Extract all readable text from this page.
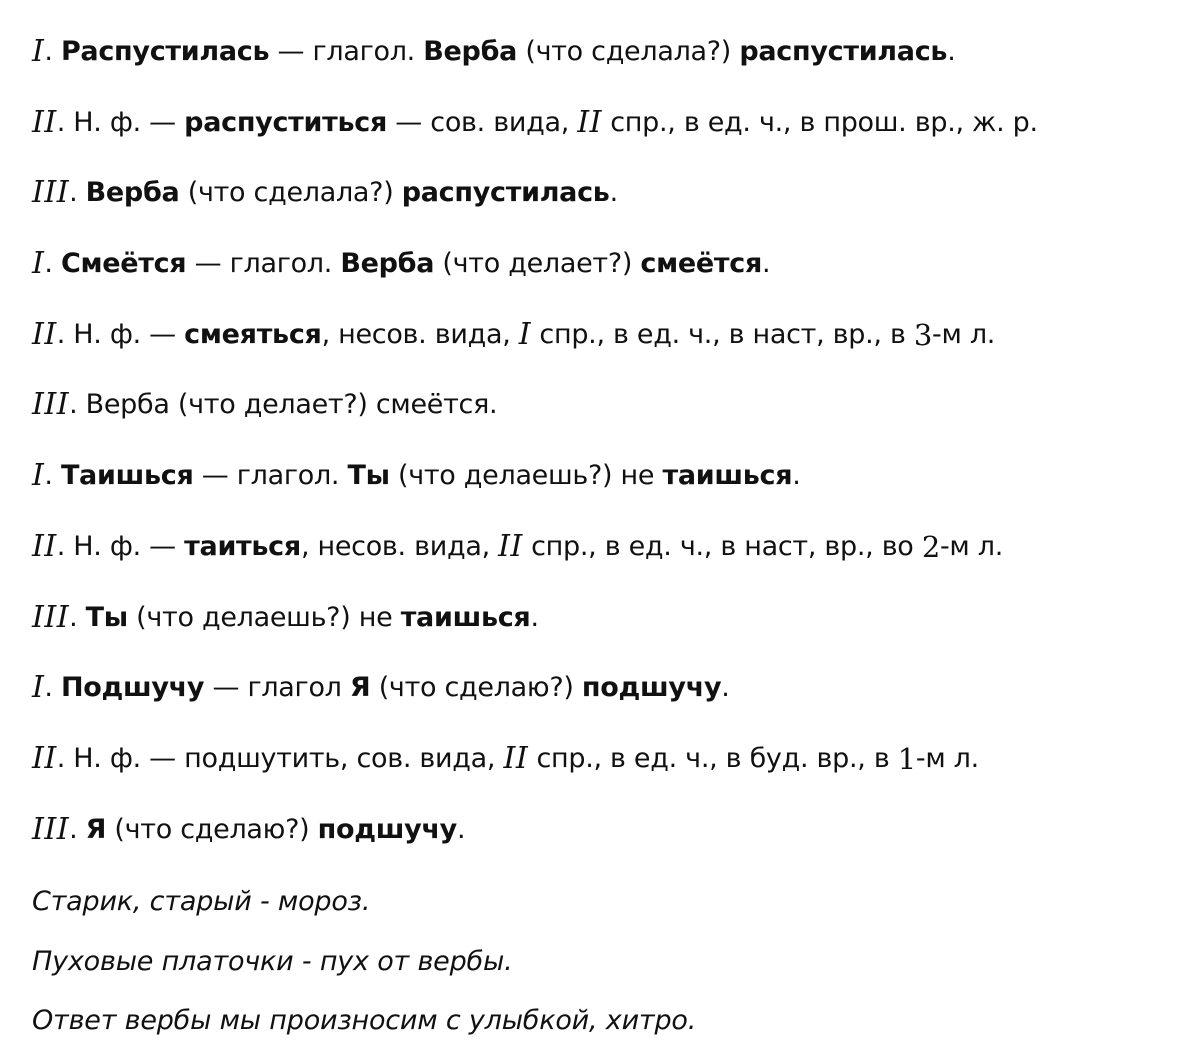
I . Распустилась — глагол. Верба (что сделала?) распустилась .
II . Н. ф. — распуститься — сов. вида, II спр., в ед. ч., в прош. вр., ж. р.
III . Верба (что сделала?) распустилась .
I . Смеётся — глагол. Верба (что делает?) смеётся .
II . Н. ф. — смеяться , несов. вида, I спр., в ед. ч., в наст, вр., в 3 -м л.
III . Верба (что делает?) смеётся.
I . Таишься — глагол. Ты (что делаешь?) не таишься .
II . Н. ф. — таиться , несов. вида, II спр., в ед. ч., в наст, вр., во 2 -м л.
III . Ты (что делаешь?) не таишься .
I . Подшучу — глагол Я (что сделаю?) подшучу .
II . Н. ф. — подшутить, сов. вида, II спр., в ед. ч., в буд. вр., в 1 -м л.
III . Я (что сделаю?) подшучу .
Старик, старый - мороз.
Пуховые платочки - пух от вербы.
Ответ вербы мы произносим с улыбкой, хитро.
